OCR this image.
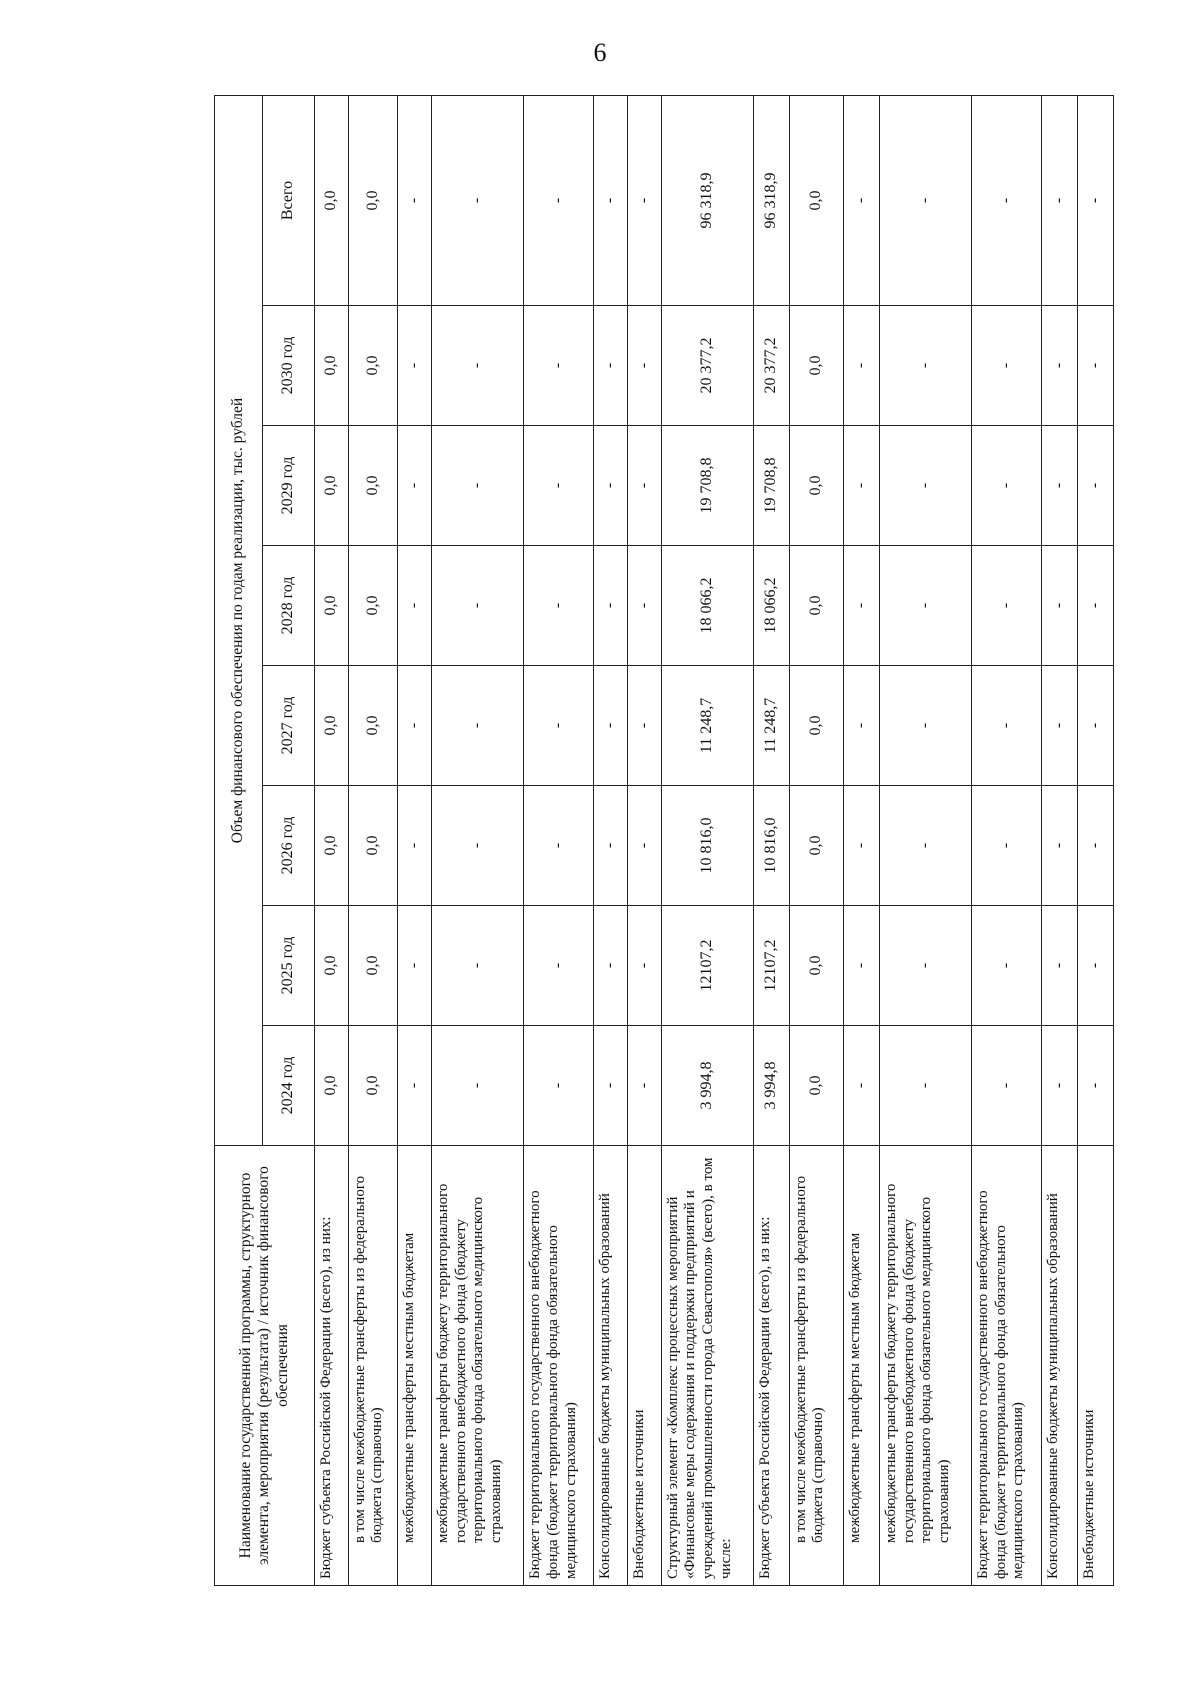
6
Наименование государственной программы, структурного элемента, мероприятия (результата) / источник финансового обеспечения	Объем финансового обеспечения по годам реализации, тыс. рублей							
	2024 год	2025 год	2026 год	2027 год	2028 год	2029 год	2030 год	Всего
Бюджет субъекта Российской Федерации (всего), из них:	0,0	0,0	0,0	0,0	0,0	0,0	0,0	0,0
в том числе межбюджетные трансферты из федерального бюджета (справочно)	0,0	0,0	0,0	0,0	0,0	0,0	0,0	0,0
межбюджетные трансферты местным бюджетам	-	-	-	-	-	-	-	-
межбюджетные трансферты бюджету территориального государственного внебюджетного фонда (бюджету территориального фонда обязательного медицинского страхования)	-	-	-	-	-	-	-	-
Бюджет территориального государственного внебюджетного фонда (бюджет территориального фонда обязательного медицинского страхования)	-	-	-	-	-	-	-	-
Консолидированные бюджеты муниципальных образований	-	-	-	-	-	-	-	-
Внебюджетные источники	-	-	-	-	-	-	-	-
Структурный элемент «Комплекс процессных мероприятий «Финансовые меры содержания и поддержки предприятий и учреждений промышленности города Севастополя» (всего), в том числе:	3 994,8	12107,2	10 816,0	11 248,7	18 066,2	19 708,8	20 377,2	96 318,9
Бюджет субъекта Российской Федерации (всего), из них:	3 994,8	12107,2	10 816,0	11 248,7	18 066,2	19 708,8	20 377,2	96 318,9
в том числе межбюджетные трансферты из федерального бюджета (справочно)	0,0	0,0	0,0	0,0	0,0	0,0	0,0	0,0
межбюджетные трансферты местным бюджетам	-	-	-	-	-	-	-	-
межбюджетные трансферты бюджету территориального государственного внебюджетного фонда (бюджету территориального фонда обязательного медицинского страхования)	-	-	-	-	-	-	-	-
Бюджет территориального государственного внебюджетного фонда (бюджет территориального фонда обязательного медицинского страхования)	-	-	-	-	-	-	-	-
Консолидированные бюджеты муниципальных образований	-	-	-	-	-	-	-	-
Внебюджетные источники	-	-	-	-	-	-	-	-
